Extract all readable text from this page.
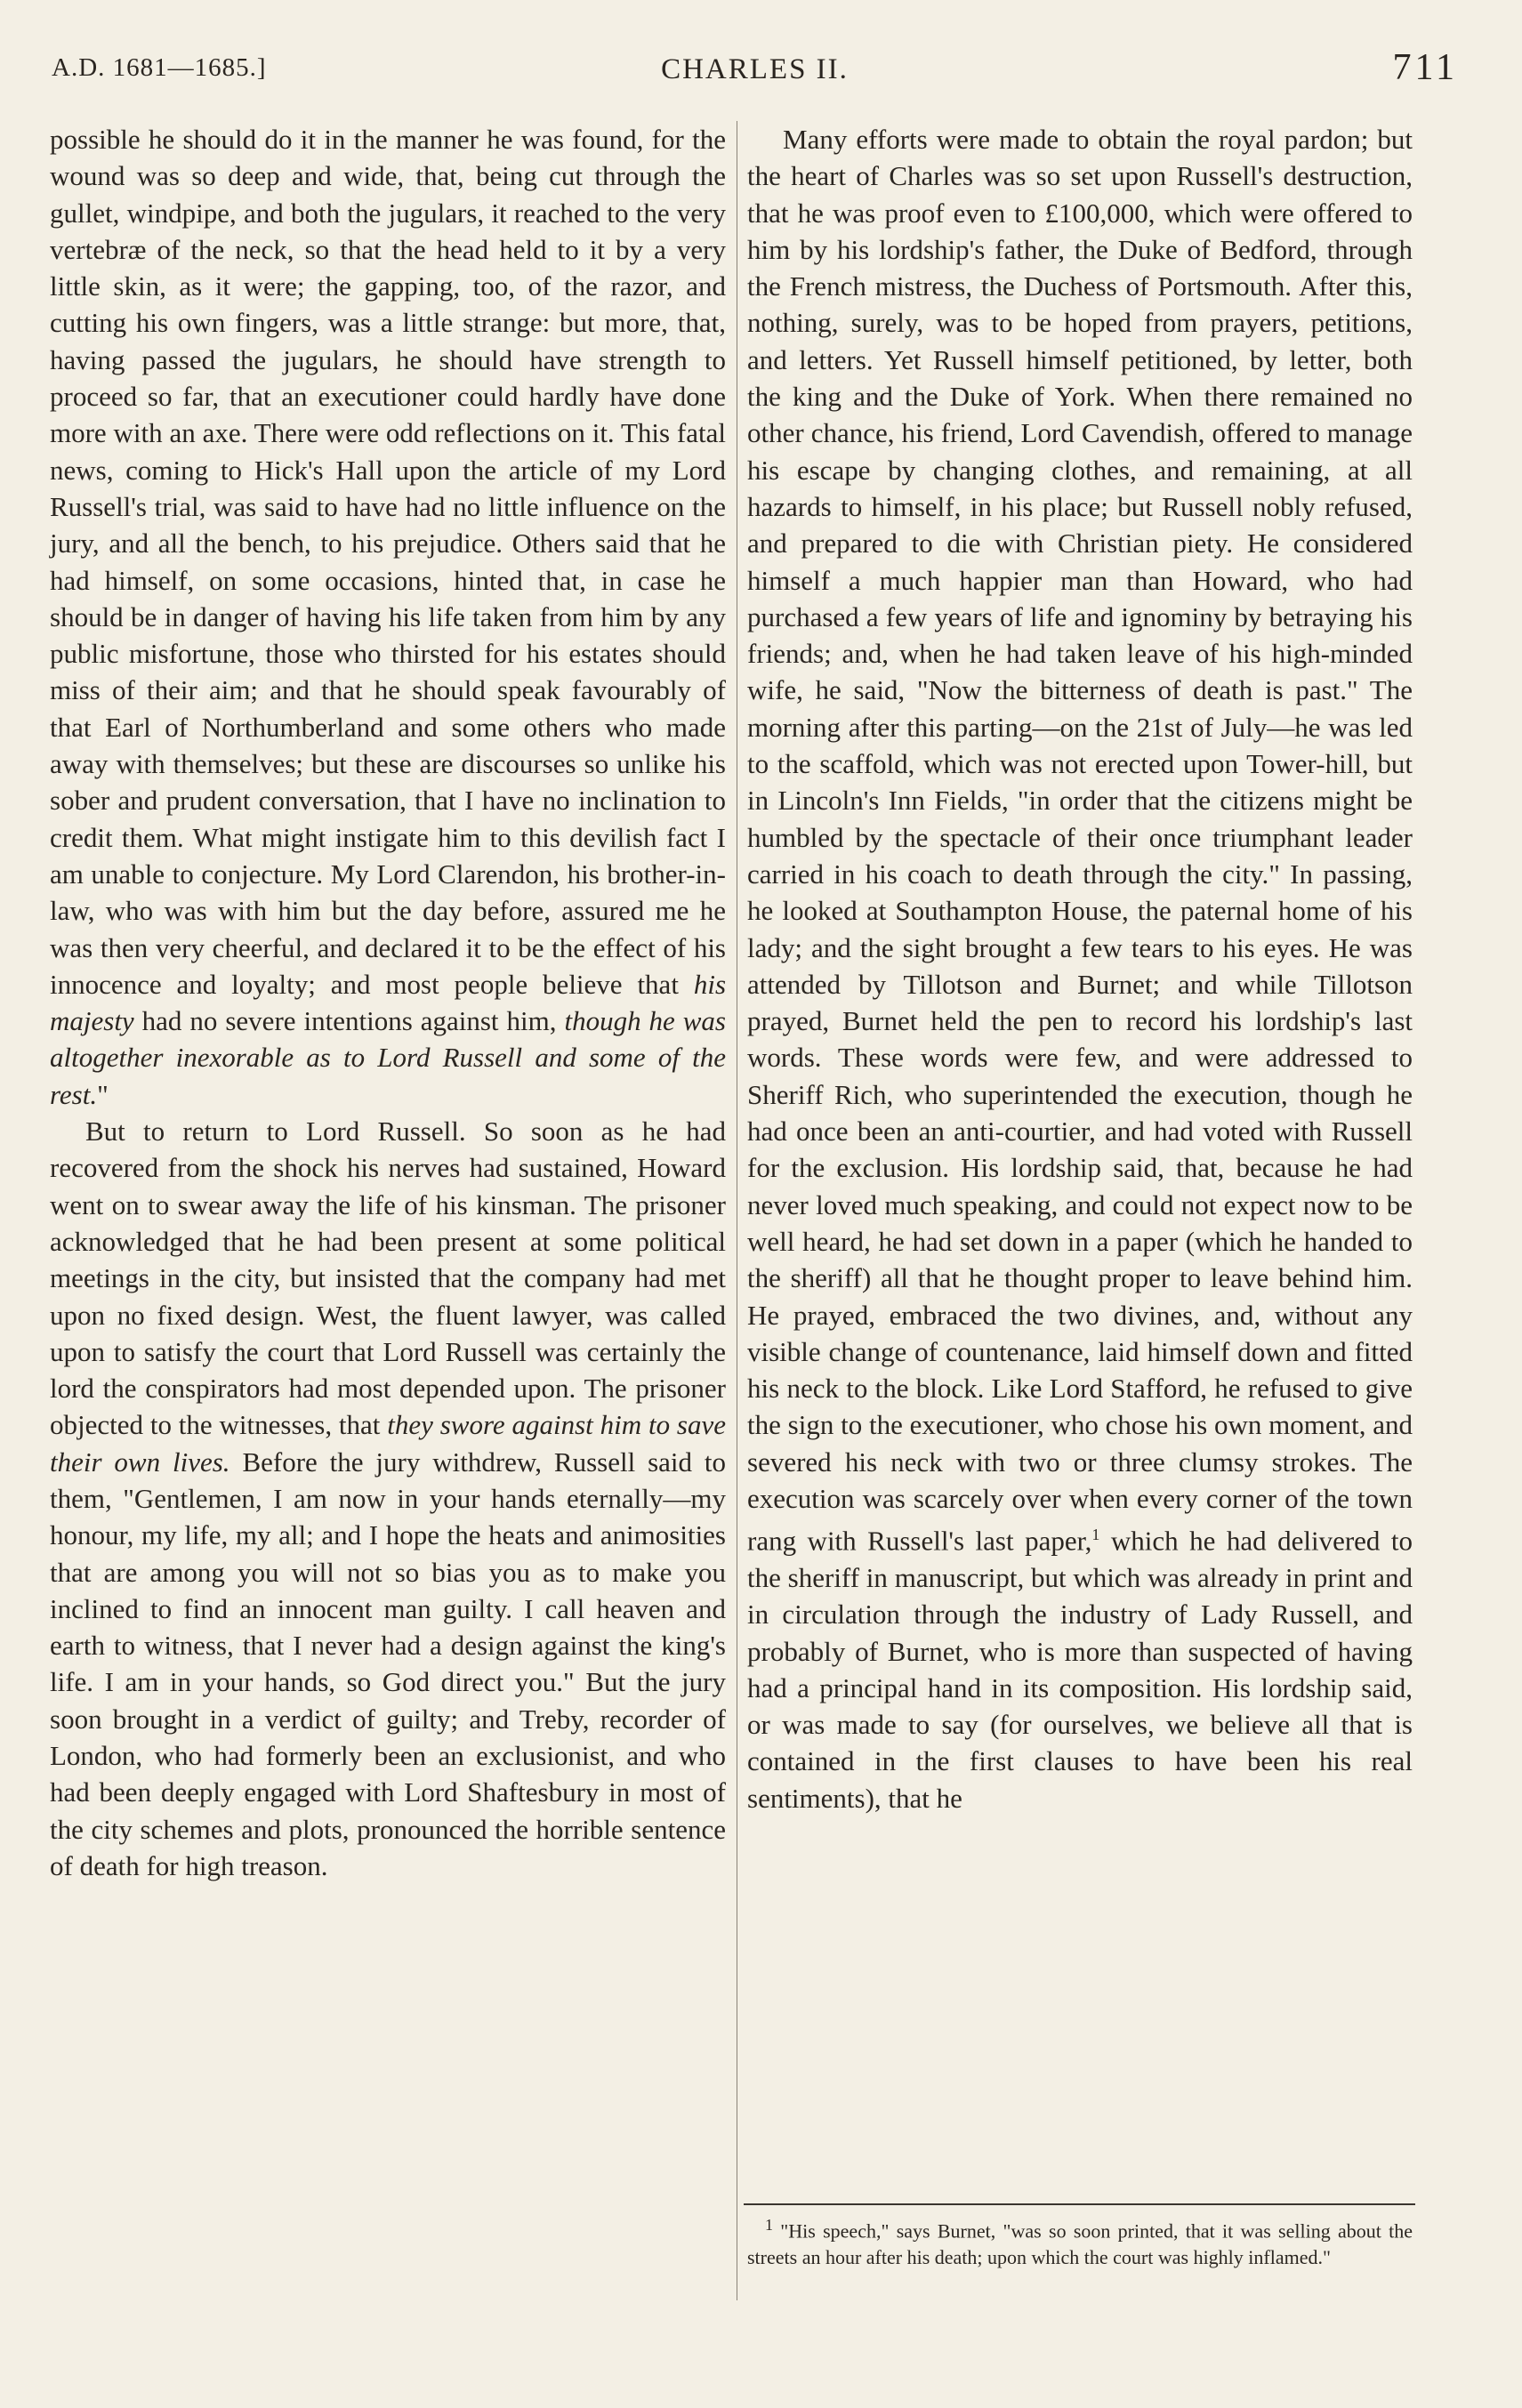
A.D. 1681—1685.]	CHARLES II.	711

possible he should do it in the manner he was found, for the wound was so deep and wide, that, being cut through the gullet, windpipe, and both the jugulars, it reached to the very vertebræ of the neck, so that the head held to it by a very little skin, as it were; the gapping, too, of the razor, and cutting his own fingers, was a little strange: but more, that, having passed the jugulars, he should have strength to proceed so far, that an executioner could hardly have done more with an axe. There were odd reflections on it. This fatal news, coming to Hick's Hall upon the article of my Lord Russell's trial, was said to have had no little influence on the jury, and all the bench, to his prejudice. Others said that he had himself, on some occasions, hinted that, in case he should be in danger of having his life taken from him by any public misfortune, those who thirsted for his estates should miss of their aim; and that he should speak favourably of that Earl of Northumberland and some others who made away with themselves; but these are discourses so unlike his sober and prudent conversation, that I have no inclination to credit them. What might instigate him to this devilish fact I am unable to conjecture. My Lord Clarendon, his brother-in-law, who was with him but the day before, assured me he was then very cheerful, and declared it to be the effect of his innocence and loyalty; and most people believe that his majesty had no severe intentions against him, though he was altogether inexorable as to Lord Russell and some of the rest."

But to return to Lord Russell. So soon as he had recovered from the shock his nerves had sustained, Howard went on to swear away the life of his kinsman. The prisoner acknowledged that he had been present at some political meetings in the city, but insisted that the company had met upon no fixed design. West, the fluent lawyer, was called upon to satisfy the court that Lord Russell was certainly the lord the conspirators had most depended upon. The prisoner objected to the witnesses, that they swore against him to save their own lives. Before the jury withdrew, Russell said to them, "Gentlemen, I am now in your hands eternally—my honour, my life, my all; and I hope the heats and animosities that are among you will not so bias you as to make you inclined to find an innocent man guilty. I call heaven and earth to witness, that I never had a design against the king's life. I am in your hands, so God direct you." But the jury soon brought in a verdict of guilty; and Treby, recorder of London, who had formerly been an exclusionist, and who had been deeply engaged with Lord Shaftesbury in most of the city schemes and plots, pronounced the horrible sentence of death for high treason.

Many efforts were made to obtain the royal pardon; but the heart of Charles was so set upon Russell's destruction, that he was proof even to £100,000, which were offered to him by his lordship's father, the Duke of Bedford, through the French mistress, the Duchess of Portsmouth. After this, nothing, surely, was to be hoped from prayers, petitions, and letters. Yet Russell himself petitioned, by letter, both the king and the Duke of York. When there remained no other chance, his friend, Lord Cavendish, offered to manage his escape by changing clothes, and remaining, at all hazards to himself, in his place; but Russell nobly refused, and prepared to die with Christian piety. He considered himself a much happier man than Howard, who had purchased a few years of life and ignominy by betraying his friends; and, when he had taken leave of his high-minded wife, he said, "Now the bitterness of death is past." The morning after this parting—on the 21st of July—he was led to the scaffold, which was not erected upon Tower-hill, but in Lincoln's Inn Fields, "in order that the citizens might be humbled by the spectacle of their once triumphant leader carried in his coach to death through the city." In passing, he looked at Southampton House, the paternal home of his lady; and the sight brought a few tears to his eyes. He was attended by Tillotson and Burnet; and while Tillotson prayed, Burnet held the pen to record his lordship's last words. These words were few, and were addressed to Sheriff Rich, who superintended the execution, though he had once been an anti-courtier, and had voted with Russell for the exclusion. His lordship said, that, because he had never loved much speaking, and could not expect now to be well heard, he had set down in a paper (which he handed to the sheriff) all that he thought proper to leave behind him. He prayed, embraced the two divines, and, without any visible change of countenance, laid himself down and fitted his neck to the block. Like Lord Stafford, he refused to give the sign to the executioner, who chose his own moment, and severed his neck with two or three clumsy strokes. The execution was scarcely over when every corner of the town rang with Russell's last paper,$^1$ which he had delivered to the sheriff in manuscript, but which was already in print and in circulation through the industry of Lady Russell, and probably of Burnet, who is more than suspected of having had a principal hand in its composition. His lordship said, or was made to say (for ourselves, we believe all that is contained in the first clauses to have been his real sentiments), that he

$^1$ "His speech," says Burnet, "was so soon printed, that it was selling about the streets an hour after his death; upon which the court was highly inflamed."
